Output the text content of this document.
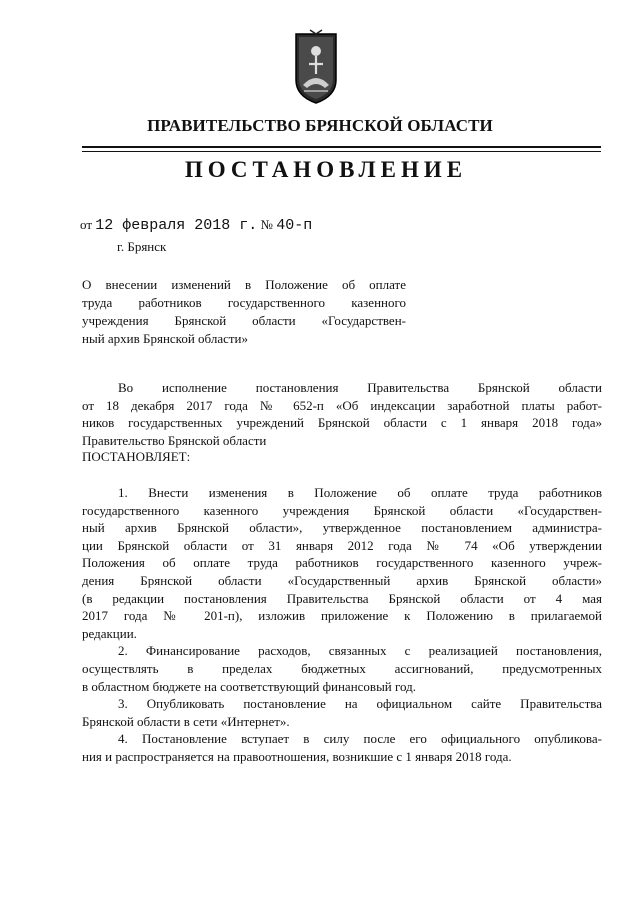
ПРАВИТЕЛЬСТВО БРЯНСКОЙ ОБЛАСТИ
ПОСТАНОВЛЕНИЕ
от 12 февраля 2018 г. № 40-п
г. Брянск
О внесении изменений в Положение об оплате
труда работников государственного казенного
учреждения Брянской области «Государствен-
ный архив Брянской области»
Во исполнение постановления Правительства Брянской области
от 18 декабря 2017 года № 652-п «Об индексации заработной платы работ-
ников государственных учреждений Брянской области с 1 января 2018 года»
Правительство Брянской области
ПОСТАНОВЛЯЕТ:
1. Внести изменения в Положение об оплате труда работников
государственного казенного учреждения Брянской области «Государствен-
ный архив Брянской области», утвержденное постановлением администра-
ции Брянской области от 31 января 2012 года № 74 «Об утверждении
Положения об оплате труда работников государственного казенного учреж-
дения Брянской области «Государственный архив Брянской области»
(в редакции постановления Правительства Брянской области от 4 мая
2017 года № 201-п), изложив приложение к Положению в прилагаемой
редакции.
2. Финансирование расходов, связанных с реализацией постановления,
осуществлять в пределах бюджетных ассигнований, предусмотренных
в областном бюджете на соответствующий финансовый год.
3. Опубликовать постановление на официальном сайте Правительства
Брянской области в сети «Интернет».
4. Постановление вступает в силу после его официального опубликова-
ния и распространяется на правоотношения, возникшие с 1 января 2018 года.
